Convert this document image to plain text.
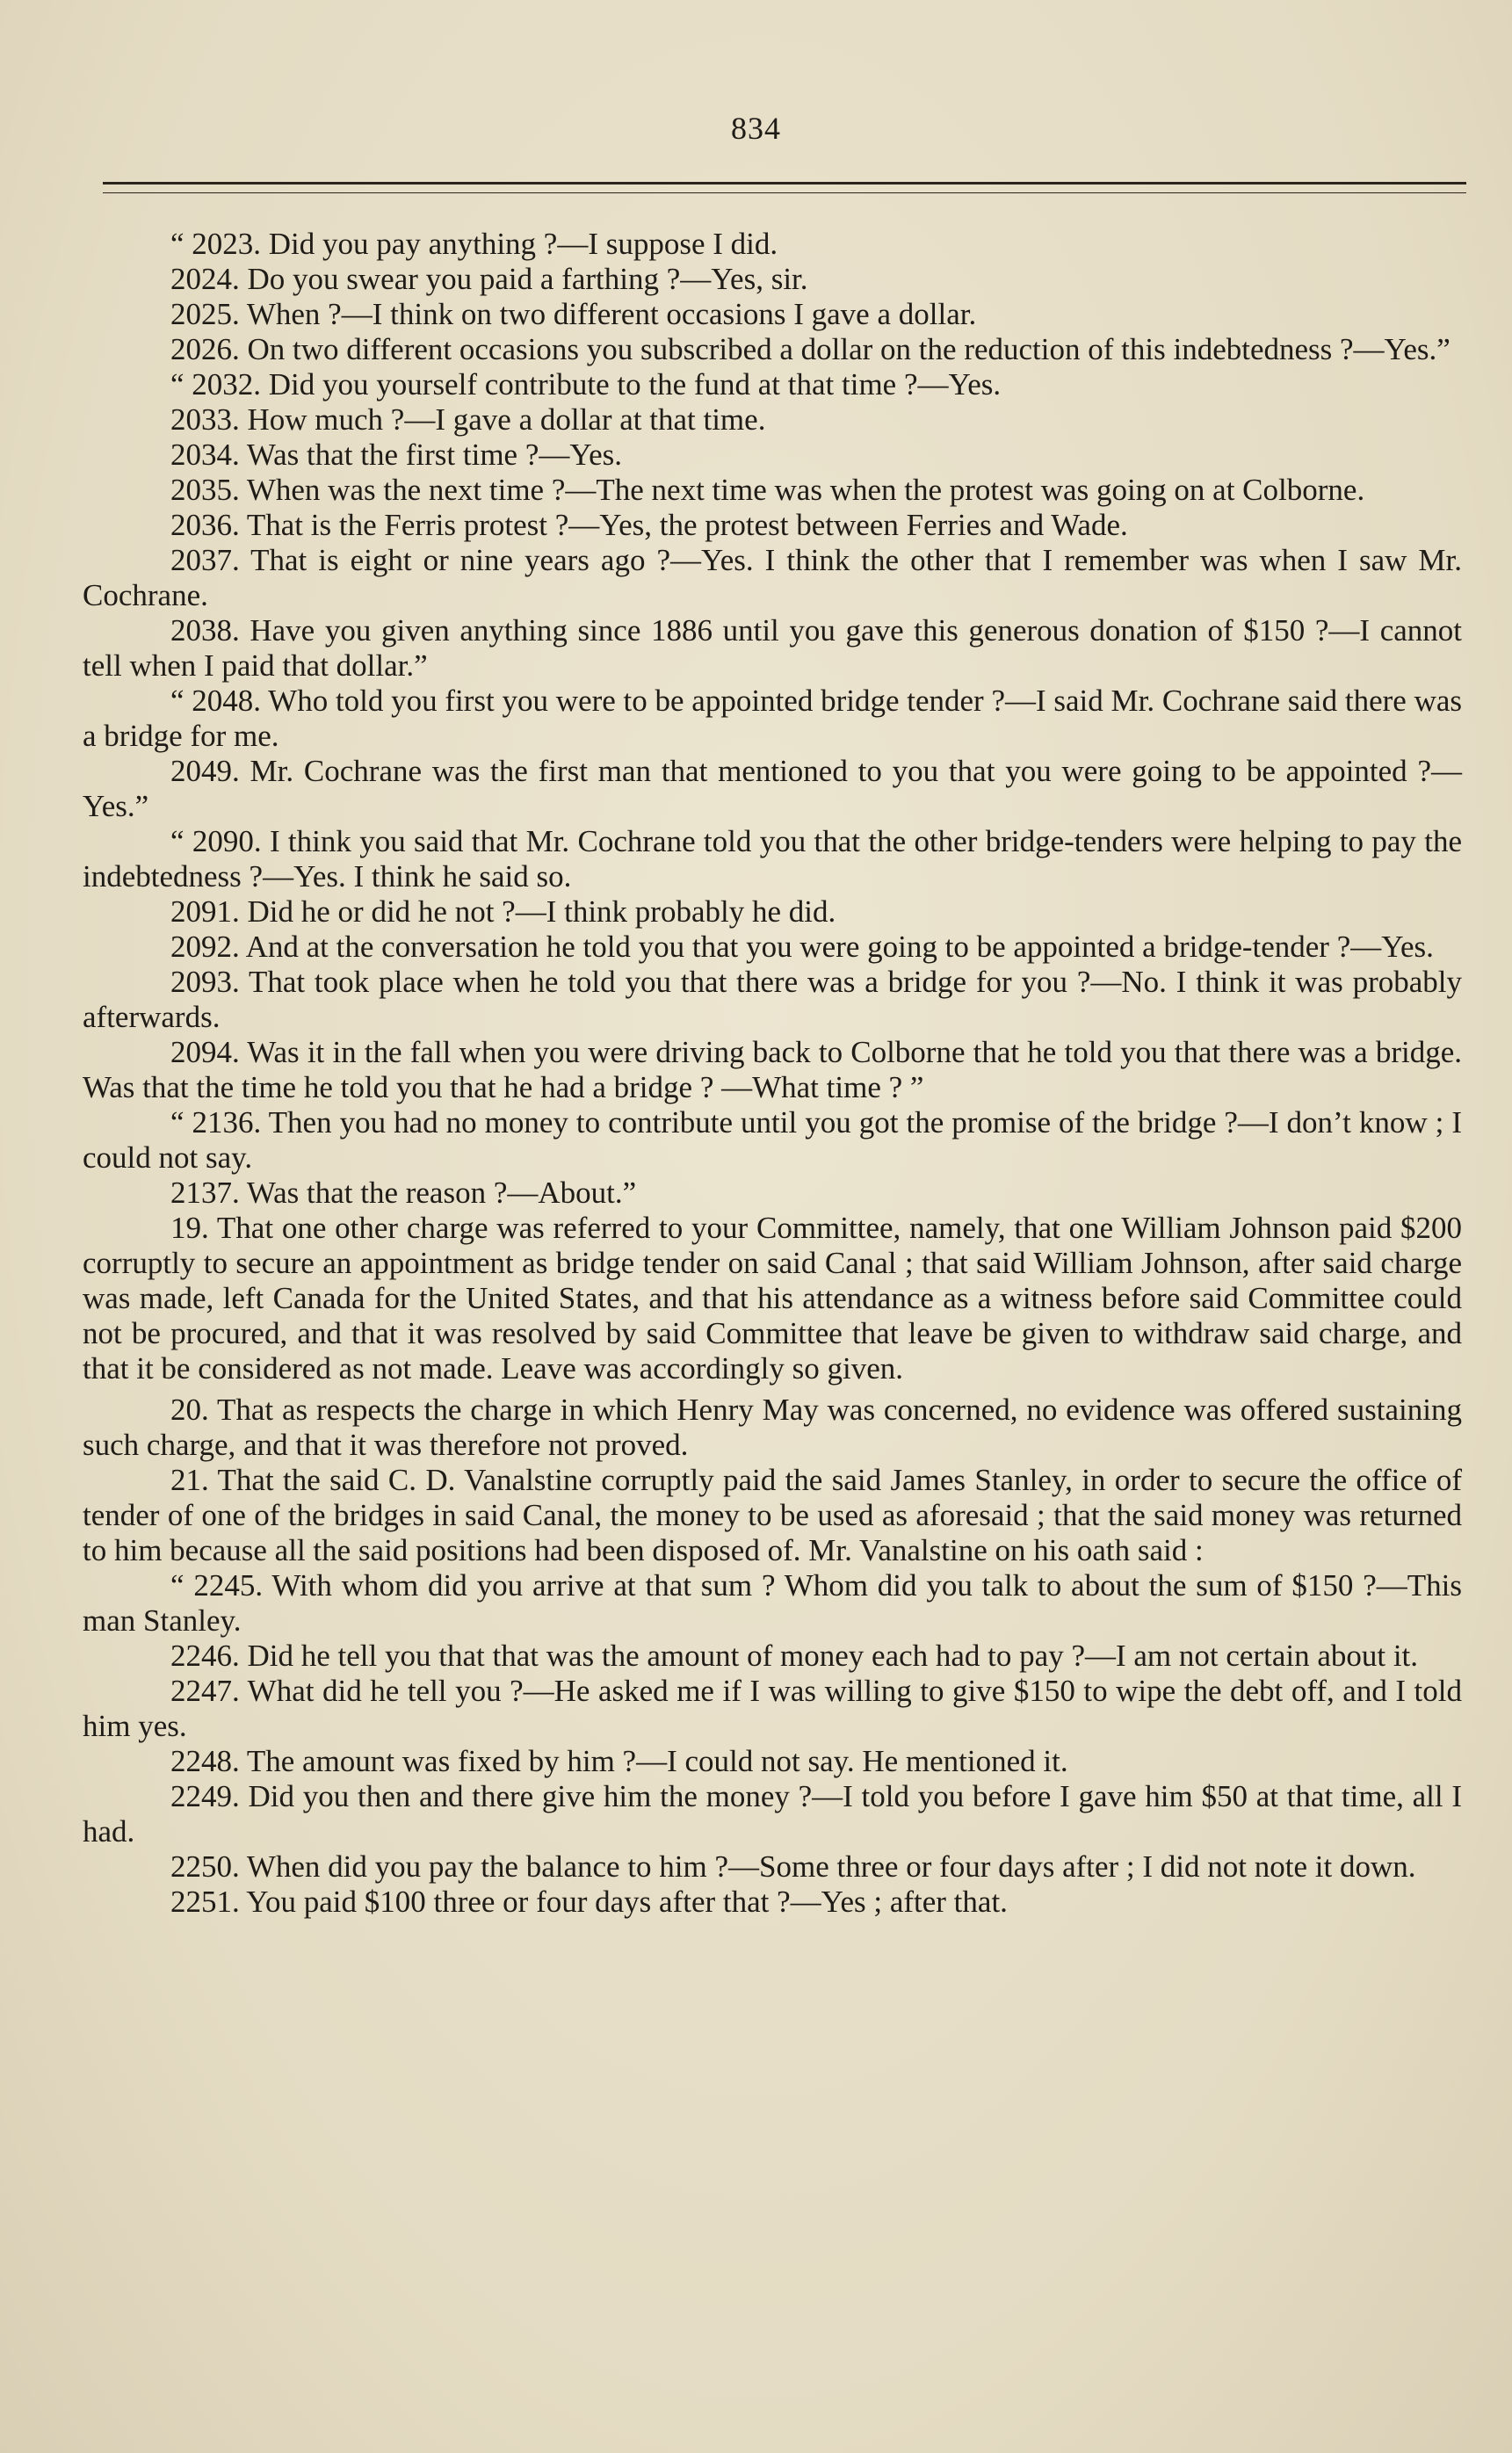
834

“ 2023. Did you pay anything ?—I suppose I did.

2024. Do you swear you paid a farthing ?—Yes, sir.

2025. When ?—I think on two different occasions I gave a dollar.

2026. On two different occasions you subscribed a dollar on the reduction of this indebtedness ?—Yes.”

“ 2032. Did you yourself contribute to the fund at that time ?—Yes.

2033. How much ?—I gave a dollar at that time.

2034. Was that the first time ?—Yes.

2035. When was the next time ?—The next time was when the protest was going on at Colborne.

2036. That is the Ferris protest ?—Yes, the protest between Ferries and Wade.

2037. That is eight or nine years ago ?—Yes. I think the other that I remember was when I saw Mr. Cochrane.

2038. Have you given anything since 1886 until you gave this generous donation of $150 ?—I cannot tell when I paid that dollar.”

“ 2048. Who told you first you were to be appointed bridge tender ?—I said Mr. Cochrane said there was a bridge for me.

2049. Mr. Cochrane was the first man that mentioned to you that you were going to be appointed ?—Yes.”

“ 2090. I think you said that Mr. Cochrane told you that the other bridge-tenders were helping to pay the indebtedness ?—Yes. I think he said so.

2091. Did he or did he not ?—I think probably he did.

2092. And at the conversation he told you that you were going to be appointed a bridge-tender ?—Yes.

2093. That took place when he told you that there was a bridge for you ?—No. I think it was probably afterwards.

2094. Was it in the fall when you were driving back to Colborne that he told you that there was a bridge. Was that the time he told you that he had a bridge ? —What time ? ”

“ 2136. Then you had no money to contribute until you got the promise of the bridge ?—I don’t know ; I could not say.

2137. Was that the reason ?—About.”

19. That one other charge was referred to your Committee, namely, that one William Johnson paid $200 corruptly to secure an appointment as bridge tender on said Canal ; that said William Johnson, after said charge was made, left Canada for the United States, and that his attendance as a witness before said Committee could not be procured, and that it was resolved by said Committee that leave be given to withdraw said charge, and that it be considered as not made. Leave was accordingly so given.

20. That as respects the charge in which Henry May was concerned, no evidence was offered sustaining such charge, and that it was therefore not proved.

21. That the said C. D. Vanalstine corruptly paid the said James Stanley, in order to secure the office of tender of one of the bridges in said Canal, the money to be used as aforesaid ; that the said money was returned to him because all the said positions had been disposed of. Mr. Vanalstine on his oath said :

“ 2245. With whom did you arrive at that sum ? Whom did you talk to about the sum of $150 ?—This man Stanley.

2246. Did he tell you that that was the amount of money each had to pay ?—I am not certain about it.

2247. What did he tell you ?—He asked me if I was willing to give $150 to wipe the debt off, and I told him yes.

2248. The amount was fixed by him ?—I could not say. He mentioned it.

2249. Did you then and there give him the money ?—I told you before I gave him $50 at that time, all I had.

2250. When did you pay the balance to him ?—Some three or four days after ; I did not note it down.

2251. You paid $100 three or four days after that ?—Yes ; after that.
